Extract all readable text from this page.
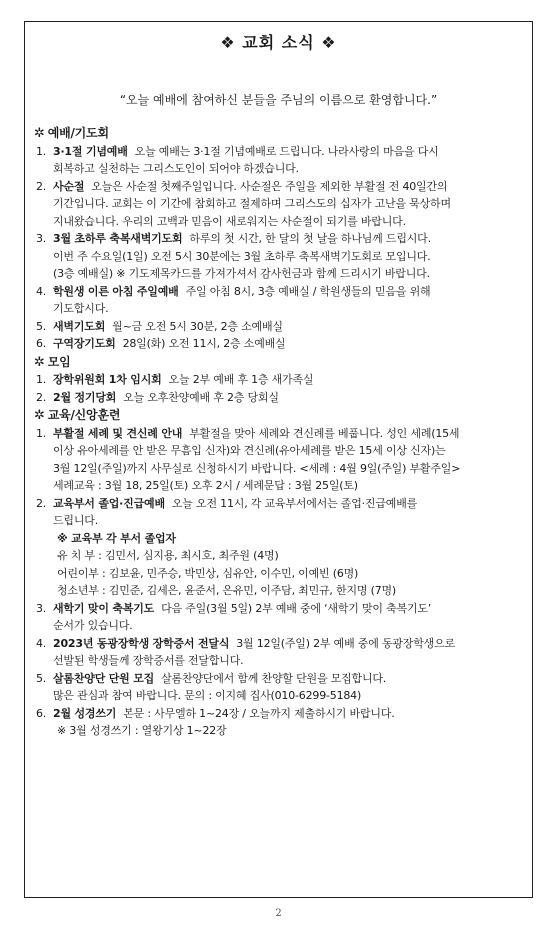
❖ 교회 소식 ❖
“오늘 예배에 참여하신 분들을 주님의 이름으로 환영합니다.”
✲ 예배/기도회
1. 3·1절 기념예배 오늘 예배는 3·1절 기념예배로 드립니다. 나라사랑의 마음을 다시
회복하고 실천하는 그리스도인이 되어야 하겠습니다.
2. 사순절 오늘은 사순절 첫째주일입니다. 사순절은 주일을 제외한 부활절 전 40일간의
기간입니다. 교회는 이 기간에 참회하고 절제하며 그리스도의 십자가 고난을 묵상하며
지내왔습니다. 우리의 고백과 믿음이 새로워지는 사순절이 되기를 바랍니다.
3. 3월 초하루 축복새벽기도회 하루의 첫 시간, 한 달의 첫 날을 하나님께 드립시다.
이번 주 수요일(1일) 오전 5시 30분에는 3월 초하루 축복새벽기도회로 모입니다.
(3층 예배실) ※ 기도제목카드를 가져가셔서 감사헌금과 함께 드리시기 바랍니다.
4. 학원생 이른 아침 주일예배 주일 아침 8시, 3층 예배실 / 학원생들의 믿음을 위해
기도합시다.
5. 새벽기도회 월~금 오전 5시 30분, 2층 소예배실
6. 구역장기도회 28일(화) 오전 11시, 2층 소예배실
✲ 모임
1. 장학위원회 1차 임시회 오늘 2부 예배 후 1층 새가족실
2. 2월 정기당회 오늘 오후찬양예배 후 2층 당회실
✲ 교육/신앙훈련
1. 부활절 세례 및 견신례 안내 부활절을 맞아 세례와 견신례를 베풉니다. 성인 세례(15세
이상 유아세례를 안 받은 무흠입 신자)와 견신례(유아세례를 받은 15세 이상 신자)는
3월 12일(주일)까지 사무실로 신청하시기 바랍니다. <세례 : 4월 9일(주일) 부활주일>
세례교육 : 3월 18, 25일(토) 오후 2시 / 세례문답 : 3월 25일(토)
2. 교육부서 졸업·진급예배 오늘 오전 11시, 각 교육부서에서는 졸업·진급예배를
드립니다.
※ 교육부 각 부서 졸업자
유 치 부 : 김민서, 심지용, 최시호, 최주원 (4명)
어린이부 : 김보윤, 민주승, 박민상, 심유안, 이수민, 이예빈 (6명)
청소년부 : 김민준, 김세은, 윤준서, 은유민, 이주담, 최민규, 한지명 (7명)
3. 새학기 맞이 축복기도 다음 주일(3월 5일) 2부 예배 중에 ‘새학기 맞이 축복기도’
순서가 있습니다.
4. 2023년 동광장학생 장학증서 전달식 3월 12일(주일) 2부 예배 중에 동광장학생으로
선발된 학생들께 장학증서를 전달합니다.
5. 살롬찬양단 단원 모집 살롬찬양단에서 함께 찬양할 단원을 모집합니다.
많은 관심과 참여 바랍니다. 문의 : 이지혜 집사(010-6299-5184)
6. 2월 성경쓰기 본문 : 사무엘하 1~24장 / 오늘까지 제출하시기 바랍니다.
※ 3월 성경쓰기 : 열왕기상 1~22장
2
